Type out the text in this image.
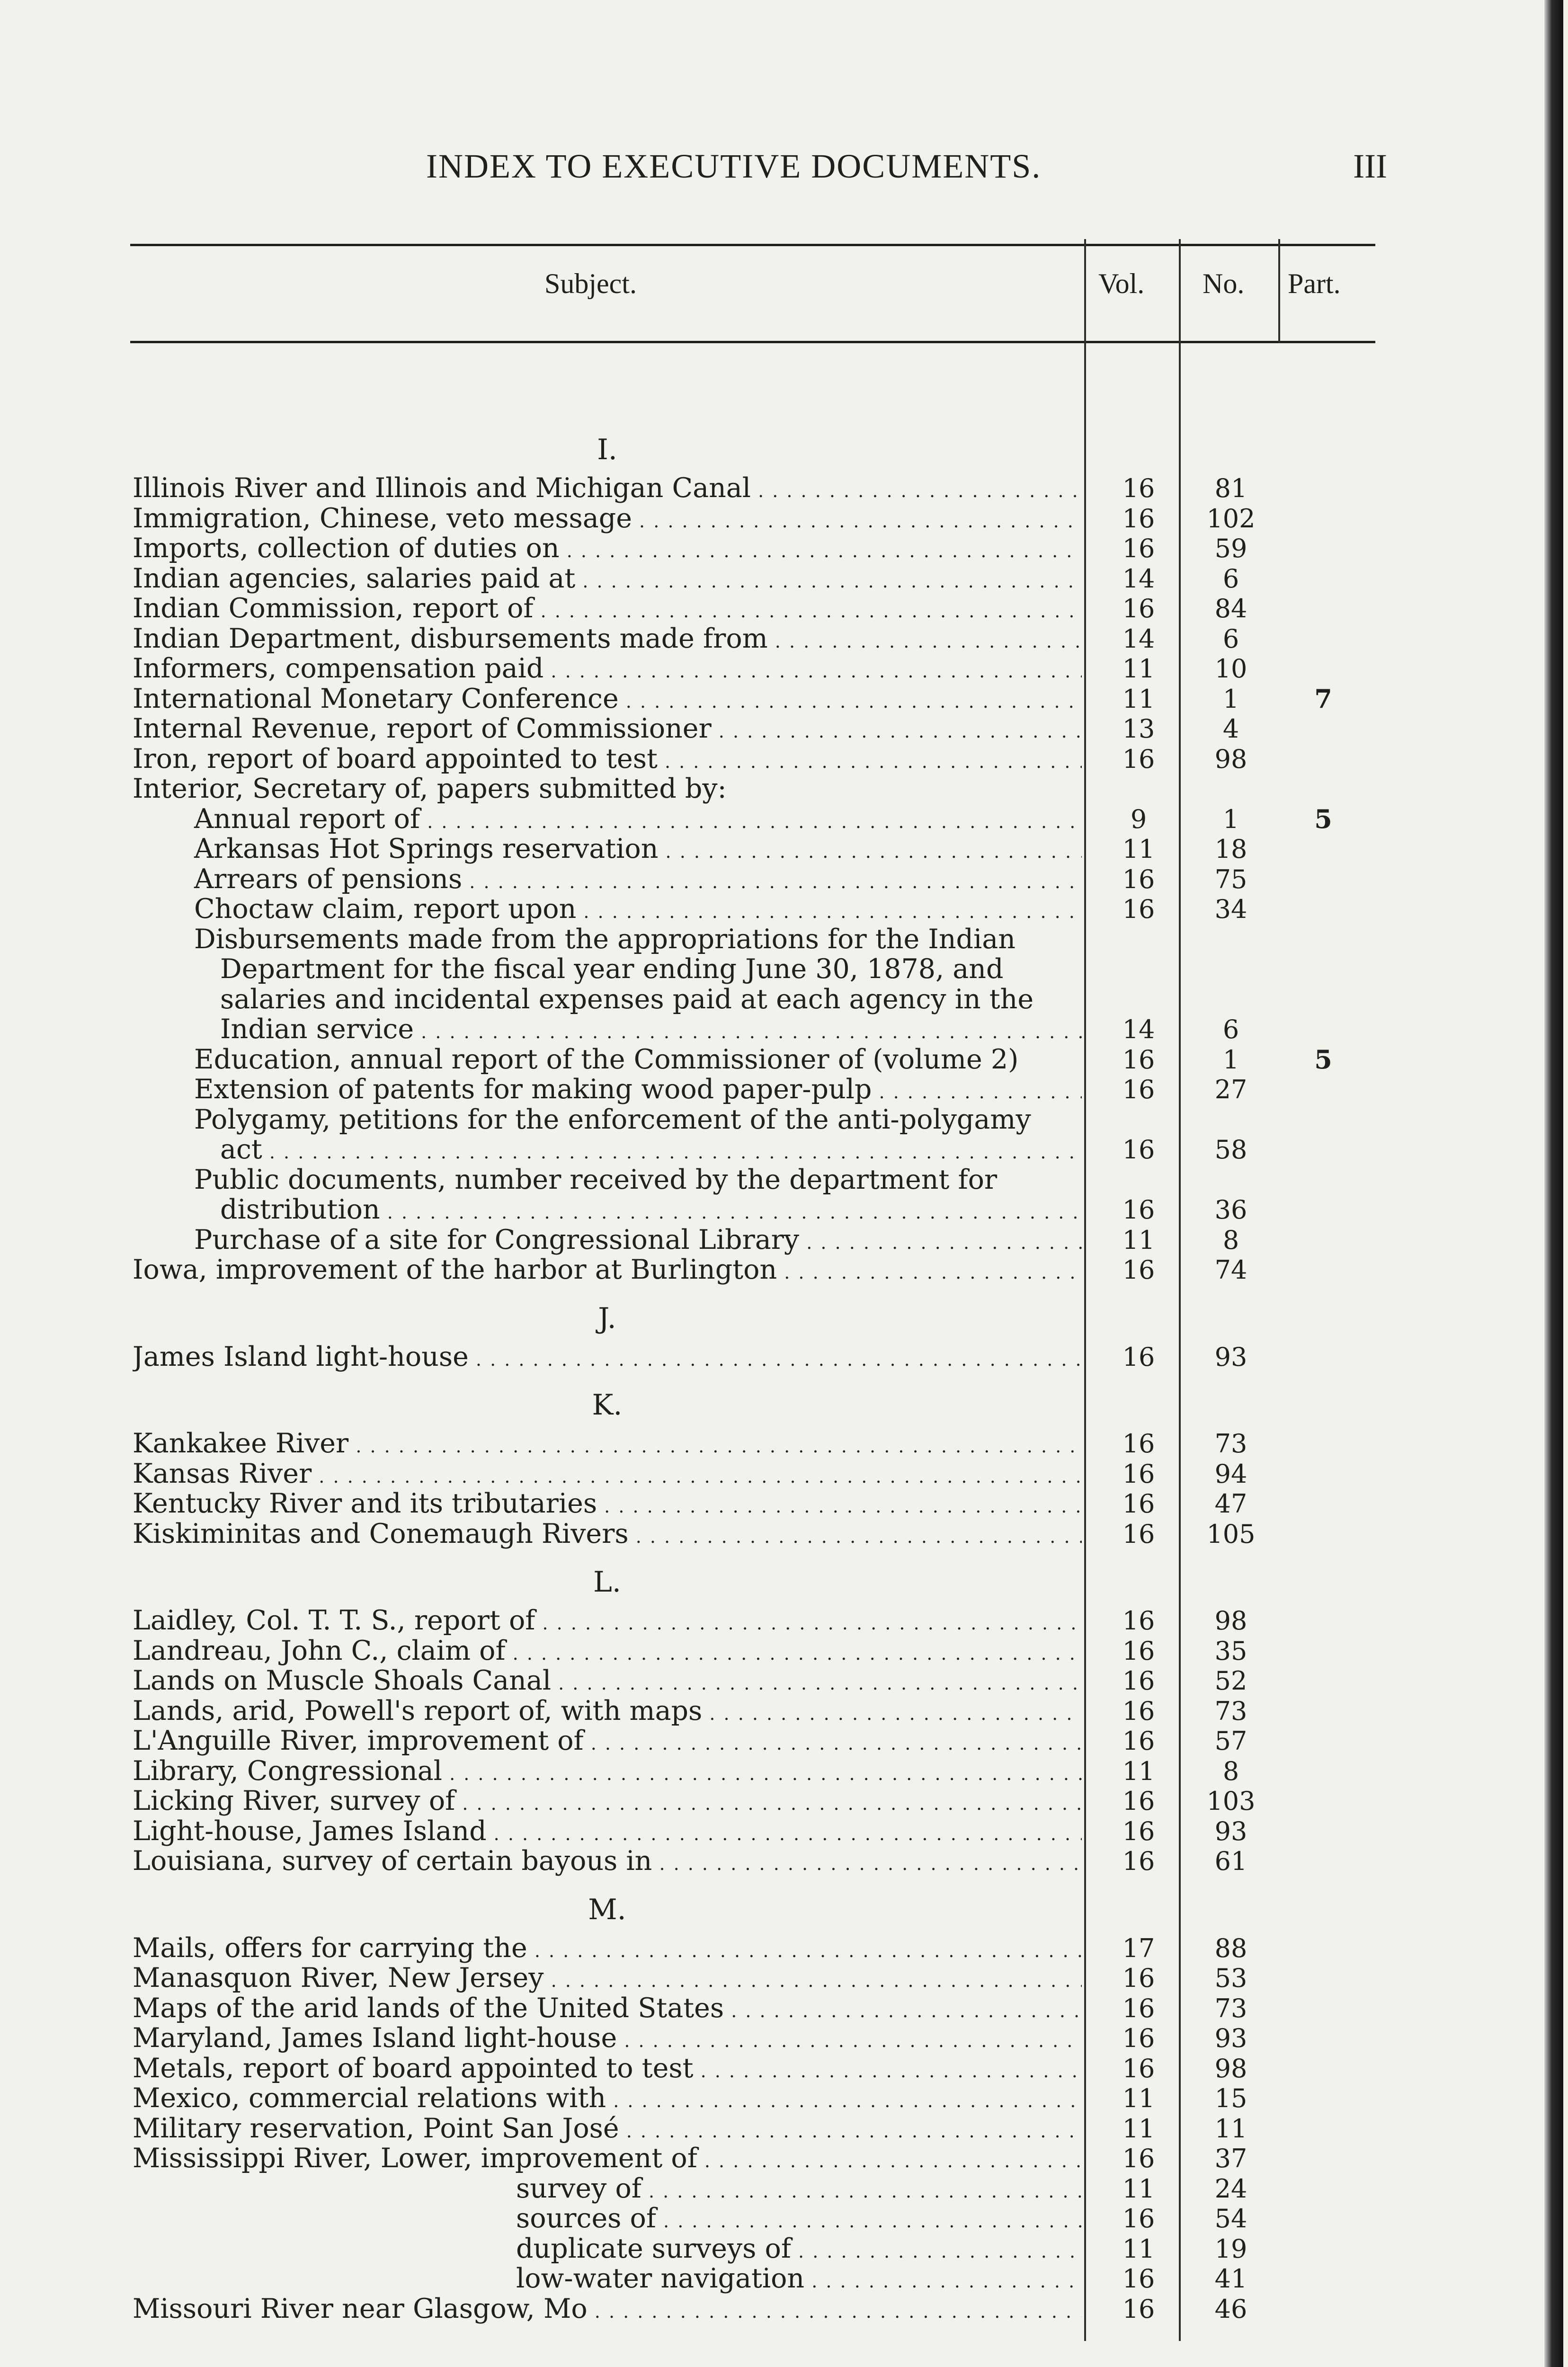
INDEX TO EXECUTIVE DOCUMENTS.	III
Subject.	Vol. No. Part.
I.
Illinois River and Illinois and Michigan Canal . . .	16	81
Immigration, Chinese, veto message . . .	16	102
Imports, collection of duties on . . .	16	59
Indian agencies, salaries paid at . . .	14	6
Indian Commission, report of . . .	16	84
Indian Department, disbursements made from . . .	14	6
Informers, compensation paid . . .	11	10
International Monetary Conference . . .	11	1	7
Internal Revenue, report of Commissioner . . .	13	4
Iron, report of board appointed to test . . .	16	98
Interior, Secretary of, papers submitted by:
Annual report of . . .	9	1	5
Arkansas Hot Springs reservation . . .	11	18
Arrears of pensions . . .	16	75
Choctaw claim, report upon . . .	16	34
Disbursements made from the appropriations for the Indian
Department for the fiscal year ending June 30, 1878, and
salaries and incidental expenses paid at each agency in the
Indian service . . .	14	6
Education, annual report of the Commissioner of (volume 2)	16	1	5
Extension of patents for making wood paper-pulp . . .	16	27
Polygamy, petitions for the enforcement of the anti-polygamy
act . . .	16	58
Public documents, number received by the department for
distribution . . .	16	36
Purchase of a site for Congressional Library . . .	11	8
Iowa, improvement of the harbor at Burlington . . .	16	74
J.
James Island light-house . . .	16	93
K.
Kankakee River . . .	16	73
Kansas River . . .	16	94
Kentucky River and its tributaries . . .	16	47
Kiskiminitas and Conemaugh Rivers . . .	16	105
L.
Laidley, Col. T. T. S., report of . . .	16	98
Landreau, John C., claim of . . .	16	35
Lands on Muscle Shoals Canal . . .	16	52
Lands, arid, Powell's report of, with maps . . .	16	73
L'Anguille River, improvement of . . .	16	57
Library, Congressional . . .	11	8
Licking River, survey of . . .	16	103
Light-house, James Island . . .	16	93
Louisiana, survey of certain bayous in . . .	16	61
M.
Mails, offers for carrying the . . .	17	88
Manasquon River, New Jersey . . .	16	53
Maps of the arid lands of the United States . . .	16	73
Maryland, James Island light-house . . .	16	93
Metals, report of board appointed to test . . .	16	98
Mexico, commercial relations with . . .	11	15
Military reservation, Point San José . . .	11	11
Mississippi River, Lower, improvement of . . .	16	37
survey of . . .	11	24
sources of . . .	16	54
duplicate surveys of . . .	11	19
low-water navigation . . .	16	41
Missouri River near Glasgow, Mo . . .	16	46
